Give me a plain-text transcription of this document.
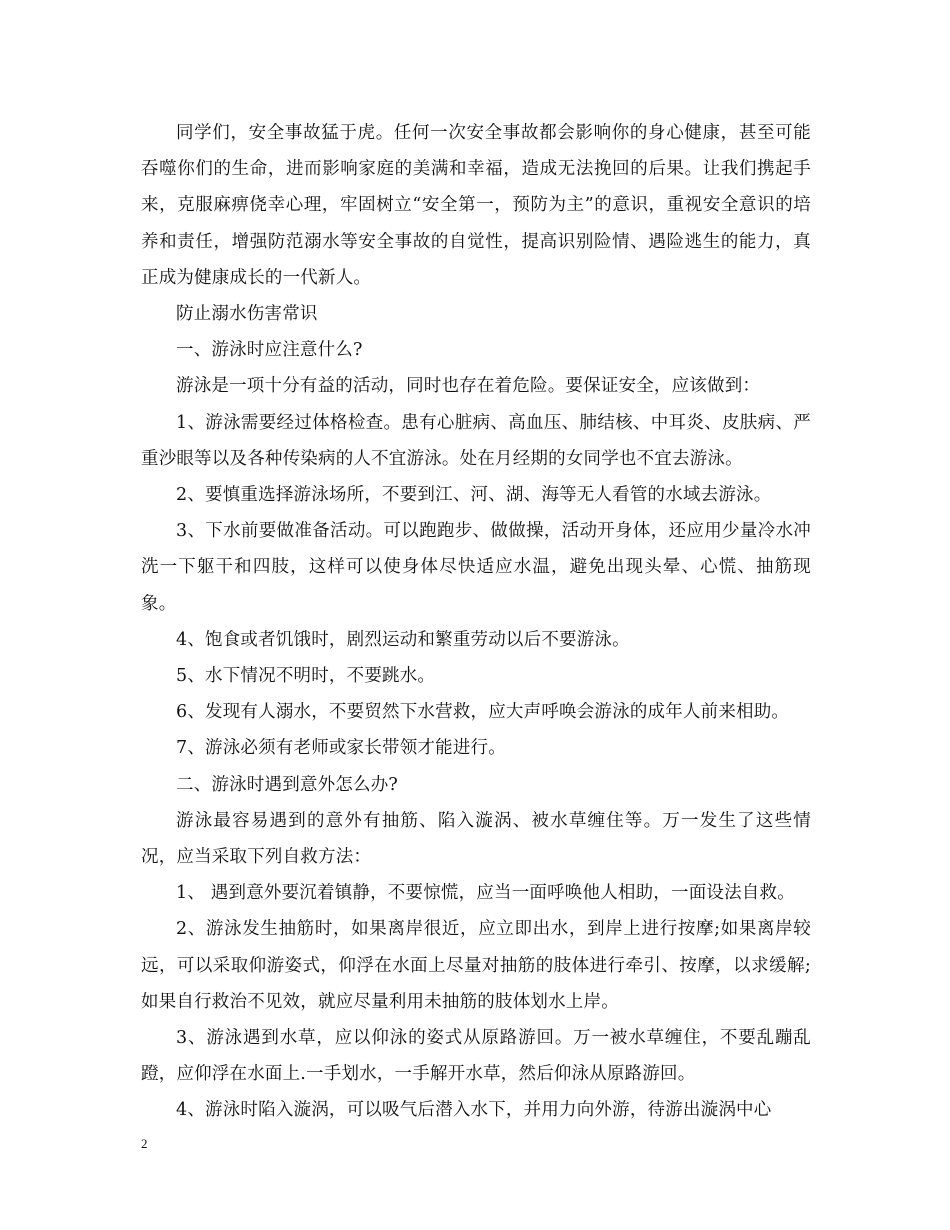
同学们，安全事故猛于虎。任何一次安全事故都会影响你的身心健康，甚至可能吞噬你们的生命，进而影响家庭的美满和幸福，造成无法挽回的后果。让我们携起手来，克服麻痹侥幸心理，牢固树立“安全第一，预防为主”的意识，重视安全意识的培养和责任，增强防范溺水等安全事故的自觉性，提高识别险情、遇险逃生的能力，真正成为健康成长的一代新人。

防止溺水伤害常识

一、游泳时应注意什么?

游泳是一项十分有益的活动，同时也存在着危险。要保证安全，应该做到：

1、游泳需要经过体格检查。患有心脏病、高血压、肺结核、中耳炎、皮肤病、严重沙眼等以及各种传染病的人不宜游泳。处在月经期的女同学也不宜去游泳。

2、要慎重选择游泳场所，不要到江、河、湖、海等无人看管的水域去游泳。

3、下水前要做准备活动。可以跑跑步、做做操，活动开身体，还应用少量冷水冲洗一下躯干和四肢，这样可以使身体尽快适应水温，避免出现头晕、心慌、抽筋现象。

4、饱食或者饥饿时，剧烈运动和繁重劳动以后不要游泳。

5、水下情况不明时，不要跳水。

6、发现有人溺水，不要贸然下水营救，应大声呼唤会游泳的成年人前来相助。

7、游泳必须有老师或家长带领才能进行。

二、游泳时遇到意外怎么办?

游泳最容易遇到的意外有抽筋、陷入漩涡、被水草缠住等。万一发生了这些情况，应当采取下列自救方法：

1、 遇到意外要沉着镇静，不要惊慌，应当一面呼唤他人相助，一面设法自救。

2、游泳发生抽筋时，如果离岸很近，应立即出水，到岸上进行按摩;如果离岸较远，可以采取仰游姿式，仰浮在水面上尽量对抽筋的肢体进行牵引、按摩，以求缓解;如果自行救治不见效，就应尽量利用未抽筋的肢体划水上岸。

3、游泳遇到水草，应以仰泳的姿式从原路游回。万一被水草缠住，不要乱蹦乱蹬，应仰浮在水面上.一手划水，一手解开水草，然后仰泳从原路游回。

4、游泳时陷入漩涡，可以吸气后潜入水下，并用力向外游，待游出漩涡中心

2
